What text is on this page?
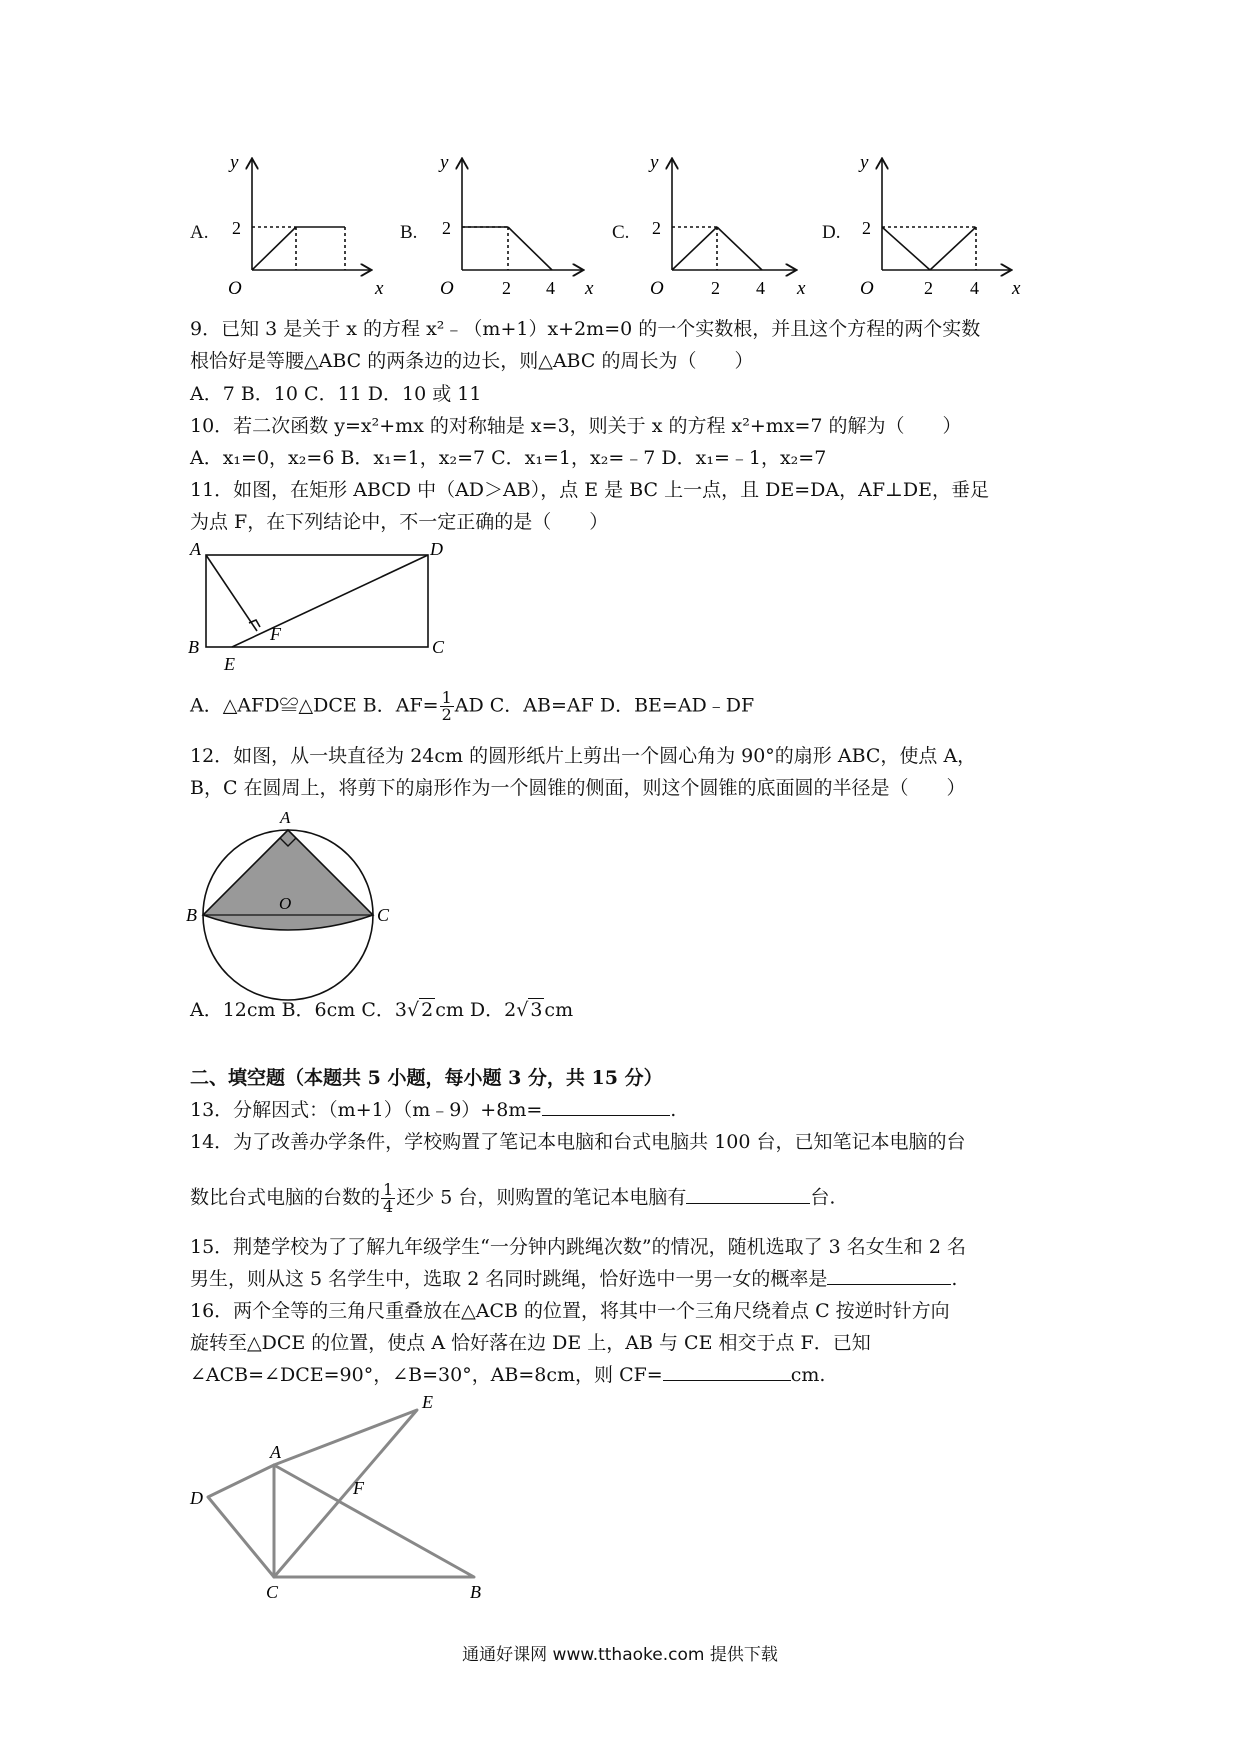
A.	B.	C.	D.
y
x
O
2
y
x
O
2
2 4
y
x
O
2
2 4
y
x
O
2
2 4
9．已知 3 是关于 x 的方程 x²﹣（m+1）x+2m=0 的一个实数根，并且这个方程的两个实数
根恰好是等腰△ABC 的两条边的边长，则△ABC 的周长为（　　）
A．7 B．10 C．11 D．10 或 11
10．若二次函数 y=x²+mx 的对称轴是 x=3，则关于 x 的方程 x²+mx=7 的解为（　　）
A．x₁=0，x₂=6 B．x₁=1，x₂=7 C．x₁=1，x₂=﹣7 D．x₁=﹣1，x₂=7
11．如图，在矩形 ABCD 中（AD＞AB），点 E 是 BC 上一点，且 DE=DA，AF⊥DE，垂足
为点 F，在下列结论中，不一定正确的是（　　）
A	D
B	C
E
F
A．△AFD≌△DCE B．$AF= \frac{1}{2}$ AD C．AB=AF D．BE=AD﹣DF
12．如图，从一块直径为 24cm 的圆形纸片上剪出一个圆心角为 90°的扇形 ABC，使点 A，
B，C 在圆周上，将剪下的扇形作为一个圆锥的侧面，则这个圆锥的底面圆的半径是（　　）
A
B	C
O
A．12cm B．6cm C．3√ 2 cm D．2√ 3 cm
二、填空题（本题共 5 小题，每小题 3 分，共 15 分）
13．分解因式：（m+1）（m﹣9）+8m=	.
14．为了改善办学条件，学校购置了笔记本电脑和台式电脑共 100 台，已知笔记本电脑的台
数比台式电脑的台数的 $\frac{1}{4}$ 还少 5 台，则购置的笔记本电脑有	台.
15．荆楚学校为了了解九年级学生“一分钟内跳绳次数”的情况，随机选取了 3 名女生和 2 名
男生，则从这 5 名学生中，选取 2 名同时跳绳，恰好选中一男一女的概率是	.
16．两个全等的三角尺重叠放在△ACB 的位置，将其中一个三角尺绕着点 C 按逆时针方向
旋转至△DCE 的位置，使点 A 恰好落在边 DE 上，AB 与 CE 相交于点 F．已知
∠ACB=∠DCE=90°，∠B=30°，AB=8cm，则 CF=	cm.
E
A
D	F
C	B
通通好课网 www.tthaoke.com 提供下载
